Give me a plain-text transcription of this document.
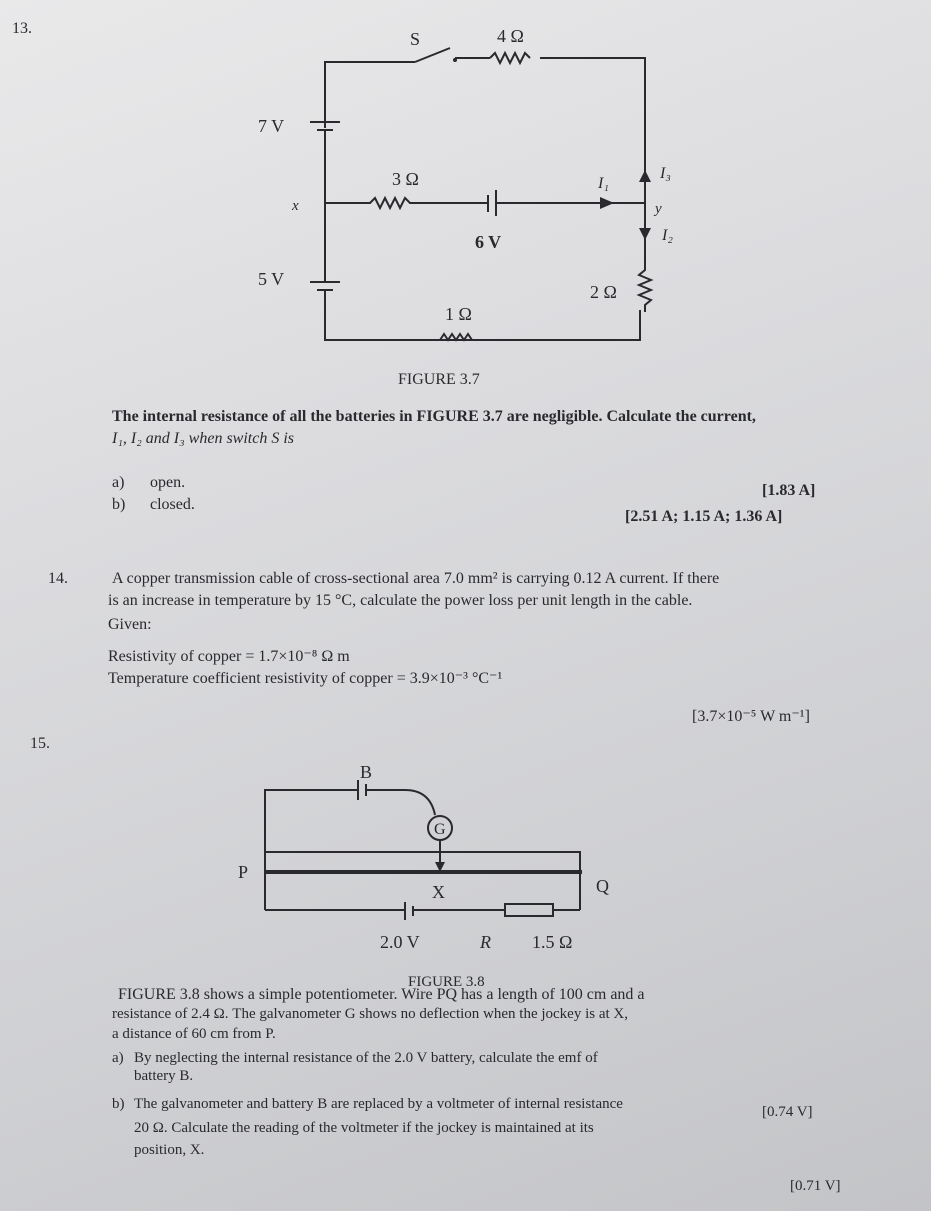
13.
S	4 Ω
7 V
x
3 Ω
6 V
5 V
1 Ω
2 Ω
y
I₁
I₃
I₂
FIGURE 3.7
The internal resistance of all the batteries in FIGURE 3.7 are negligible. Calculate the current,
I₁, I₂ and I₃ when switch S is
a) open.	[1.83 A]
b) closed.
[2.51 A; 1.15 A; 1.36 A]
14.	A copper transmission cable of cross-sectional area 7.0 mm² is carrying 0.12 A current. If there
is an increase in temperature by 15 °C, calculate the power loss per unit length in the cable.
Given:
Resistivity of copper = 1.7×10⁻⁸ Ω m
Temperature coefficient resistivity of copper = 3.9×10⁻³ °C⁻¹
[3.7×10⁻⁵ W m⁻¹]
15.
B
G
P
Q
X
2.0 V	R 1.5 Ω
FIGURE 3.8
FIGURE 3.8 shows a simple potentiometer. Wire PQ has a length of 100 cm and a
resistance of 2.4 Ω. The galvanometer G shows no deflection when the jockey is at X,
a distance of 60 cm from P.
a) By neglecting the internal resistance of the 2.0 V battery, calculate the emf of
battery B.
[0.74 V]
b) The galvanometer and battery B are replaced by a voltmeter of internal resistance
20 Ω. Calculate the reading of the voltmeter if the jockey is maintained at its
position, X.
[0.71 V]
